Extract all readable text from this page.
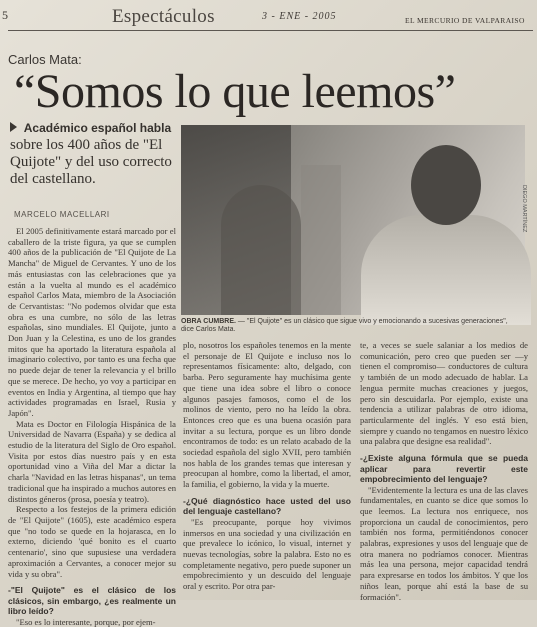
5	Espectáculos	3 - ENE - 2005	EL MERCURIO DE VALPARAISO
Carlos Mata:
“Somos lo que leemos”
Académico español habla sobre los 400 años de "El Quijote" y del uso correcto del castellano.
MARCELO MACELLARI	DIEGO MARTÍNEZ
OBRA CUMBRE. — "El Quijote" es un clásico que sigue vivo y emocionando a sucesivas generaciones",
dice Carlos Mata.

El 2005 definitivamente estará marcado por el caballero de la triste figura, ya que se cumplen 400 años de la publicación de "El Quijote de La Mancha" de Miguel de Cervantes. Y uno de los más entusiastas con las celebraciones que ya están a la vuelta al mundo es el académico español Carlos Mata, miembro de la Asociación de Cervantistas: "No podemos olvidar que esta obra es una cumbre, no sólo de las letras españolas, sino mundiales. El Quijote, junto a Don Juan y la Celestina, es uno de los grandes mitos que ha aportado la literatura española al imaginario colectivo, por tanto es una fecha que no puede dejar de tener la relevancia y el brillo que se merece. De hecho, yo voy a participar en eventos en India y Argentina, al tiempo que hay actividades programadas en Israel, Rusia y Japón".

Mata es Doctor en Filología Hispánica de la Universidad de Navarra (España) y se dedica al estudio de la literatura del Siglo de Oro español. Visita por estos días nuestro país y en esta oportunidad vino a Viña del Mar a dictar la charla "Navidad en las letras hispanas", un tema tradicional que ha inspirado a muchos autores en distintos géneros (prosa, poesía y teatro).

Respecto a los festejos de la primera edición de "El Quijote" (1605), este académico espera que "no todo se quede en la hojarasca, en lo externo, diciendo 'qué bonito es el cuarto centenario', sino que supusiese una verdadera aproximación a Cervantes, a conocer mejor su vida y su obra".

-"El Quijote" es el clásico de los clásicos, sin embargo, ¿es realmente un libro leído?

"Eso es lo interesante, porque, por ejem-

plo, nosotros los españoles tenemos en la mente el personaje de El Quijote e incluso nos lo representamos físicamente: alto, delgado, con barba. Pero seguramente hay muchísima gente que tiene una idea sobre el libro o conoce algunos pasajes famosos, como el de los molinos de viento, pero no ha leído la obra. Entonces creo que es una buena ocasión para invitar a su lectura, porque es un libro donde encontramos de todo: es un relato acabado de la sociedad española del siglo XVII, pero también nos habla de los grandes temas que interesan y preocupan al hombre, como la libertad, el amor, la familia, el gobierno, la vida y la muerte.

-¿Qué diagnóstico hace usted del uso del lenguaje castellano?

"Es preocupante, porque hoy vivimos inmersos en una sociedad y una civilización en que prevalece lo icónico, lo visual, internet y nuevas tecnologías, sobre la palabra. Esto no es completamente negativo, pero puede suponer un empobrecimiento y un descuido del lenguaje oral y escrito. Por otra par-

te, a veces se suele salaniar a los medios de comunicación, pero creo que pueden ser —y tienen el compromiso— conductores de cultura y también de un modo adecuado de hablar. La lengua permite muchas creaciones y juegos, pero sin descuidarla. Por ejemplo, existe una tendencia a utilizar palabras de otro idioma, particularmente del inglés. Y eso está bien, siempre y cuando no tengamos en nuestro léxico una palabra que designe esa realidad".

-¿Existe alguna fórmula que se pueda aplicar para revertir este empobrecimiento del lenguaje?

"Evidentemente la lectura es una de las claves fundamentales, en cuanto se dice que somos lo que leemos. La lectura nos enriquece, nos proporciona un caudal de conocimientos, pero también nos forma, permitiéndonos conocer palabras, expresiones y usos del lenguaje que de otra manera no podríamos conocer. Mientras más lea una persona, mejor capacidad tendrá para expresarse en todos los ámbitos. Y que los niños lean, porque ahí está la base de su formación".
